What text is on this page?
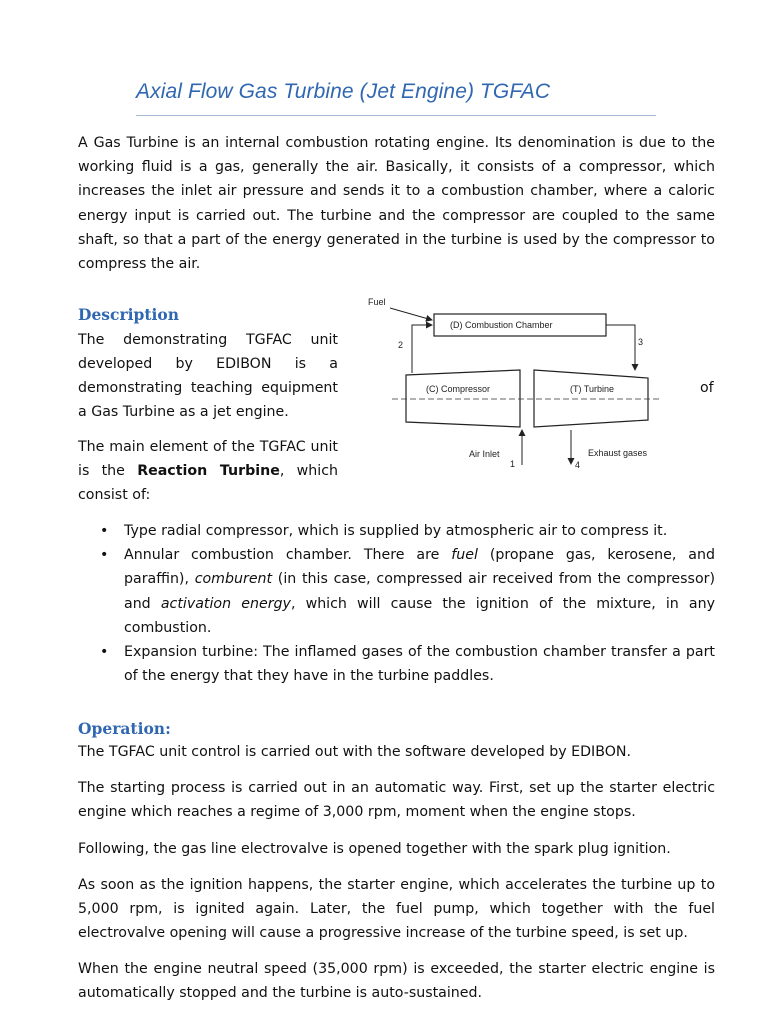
Axial Flow Gas Turbine (Jet Engine) TGFAC

A Gas Turbine is an internal combustion rotating engine. Its denomination is due to the working fluid is a gas, generally the air. Basically, it consists of a compressor, which increases the inlet air pressure and sends it to a combustion chamber, where a caloric energy input is carried out. The turbine and the compressor are coupled to the same shaft, so that a part of the energy generated in the turbine is used by the compressor to compress the air.

Description
The demonstrating TGFAC unit
developed by EDIBON is a
demonstrating teaching equipment
a Gas Turbine as a jet engine.
of

The main element of the TGFAC unit is the Reaction Turbine, which consist of:

Fuel
(D) Combustion Chamber
2	3
(C) Compressor	(T) Turbine
Air Inlet
1
Exhaust gases
4
• Type radial compressor, which is supplied by atmospheric air to compress it.
• Annular combustion chamber. There are fuel (propane gas, kerosene, and paraffin), comburent (in this case, compressed air received from the compressor) and activation energy, which will cause the ignition of the mixture, in any combustion.
• Expansion turbine: The inflamed gases of the combustion chamber transfer a part of the energy that they have in the turbine paddles.
Operation:

The TGFAC unit control is carried out with the software developed by EDIBON.

The starting process is carried out in an automatic way. First, set up the starter electric engine which reaches a regime of 3,000 rpm, moment when the engine stops.

Following, the gas line electrovalve is opened together with the spark plug ignition.

As soon as the ignition happens, the starter engine, which accelerates the turbine up to 5,000 rpm, is ignited again. Later, the fuel pump, which together with the fuel electrovalve opening will cause a progressive increase of the turbine speed, is set up.

When the engine neutral speed (35,000 rpm) is exceeded, the starter electric engine is automatically stopped and the turbine is auto-sustained.
